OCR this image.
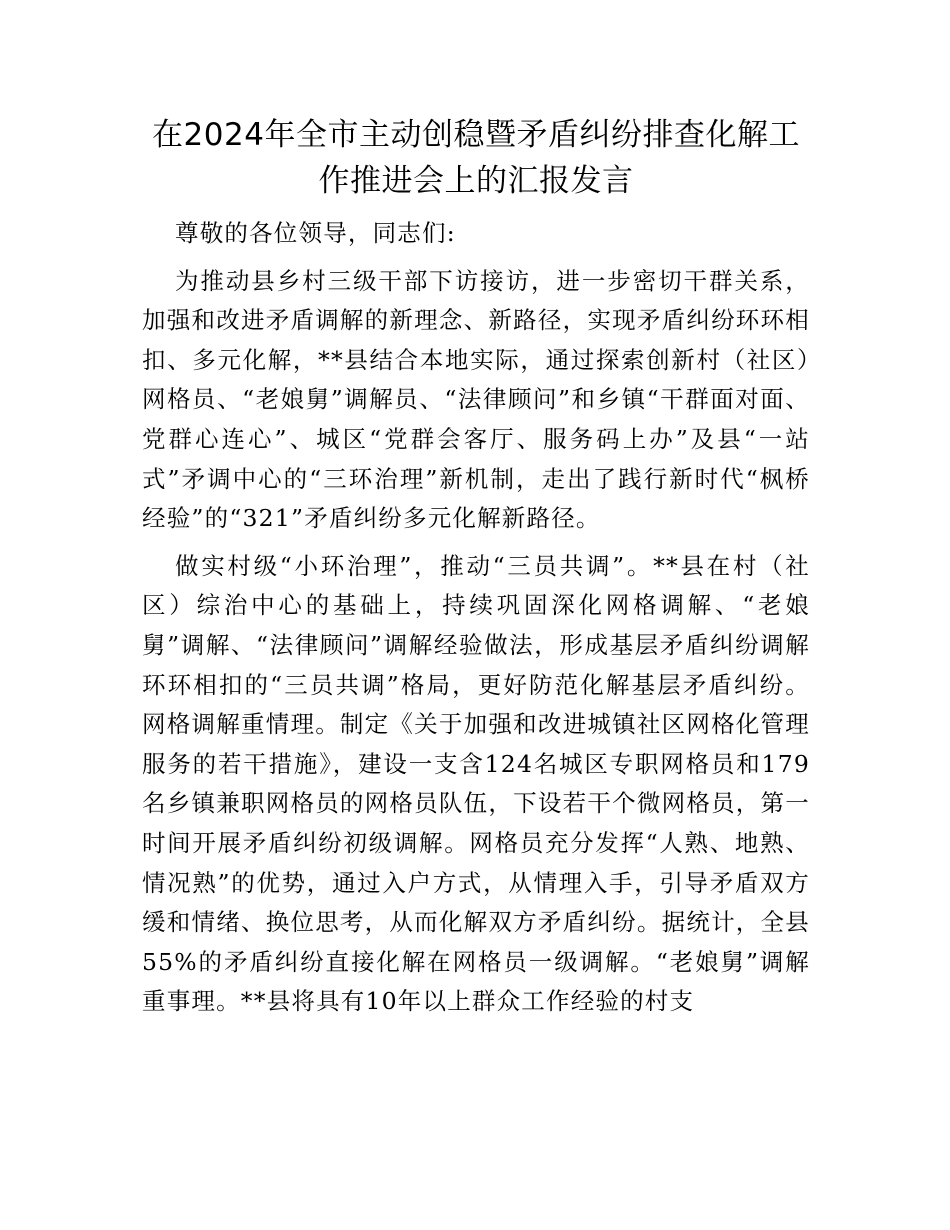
在2024年全市主动创稳暨矛盾纠纷排查化解工作推进会上的汇报发言

尊敬的各位领导，同志们:

为推动县乡村三级干部下访接访，进一步密切干群关系，加强和改进矛盾调解的新理念、新路径，实现矛盾纠纷环环相扣、多元化解，**县结合本地实际，通过探索创新村（社区）网格员、“老娘舅”调解员、“法律顾问”和乡镇“干群面对面、党群心连心”、城区“党群会客厅、服务码上办”及县“一站式”矛调中心的“三环治理”新机制，走出了践行新时代“枫桥经验”的“321”矛盾纠纷多元化解新路径。

做实村级“小环治理”，推动“三员共调”。**县在村（社区）综治中心的基础上，持续巩固深化网格调解、“老娘舅”调解、“法律顾问”调解经验做法，形成基层矛盾纠纷调解环环相扣的“三员共调”格局，更好防范化解基层矛盾纠纷。网格调解重情理。制定《关于加强和改进城镇社区网格化管理服务的若干措施》，建设一支含124名城区专职网格员和179名乡镇兼职网格员的网格员队伍，下设若干个微网格员，第一时间开展矛盾纠纷初级调解。网格员充分发挥“人熟、地熟、情况熟”的优势，通过入户方式，从情理入手，引导矛盾双方缓和情绪、换位思考，从而化解双方矛盾纠纷。据统计，全县55%的矛盾纠纷直接化解在网格员一级调解。“老娘舅”调解重事理。**县将具有10年以上群众工作经验的村支
